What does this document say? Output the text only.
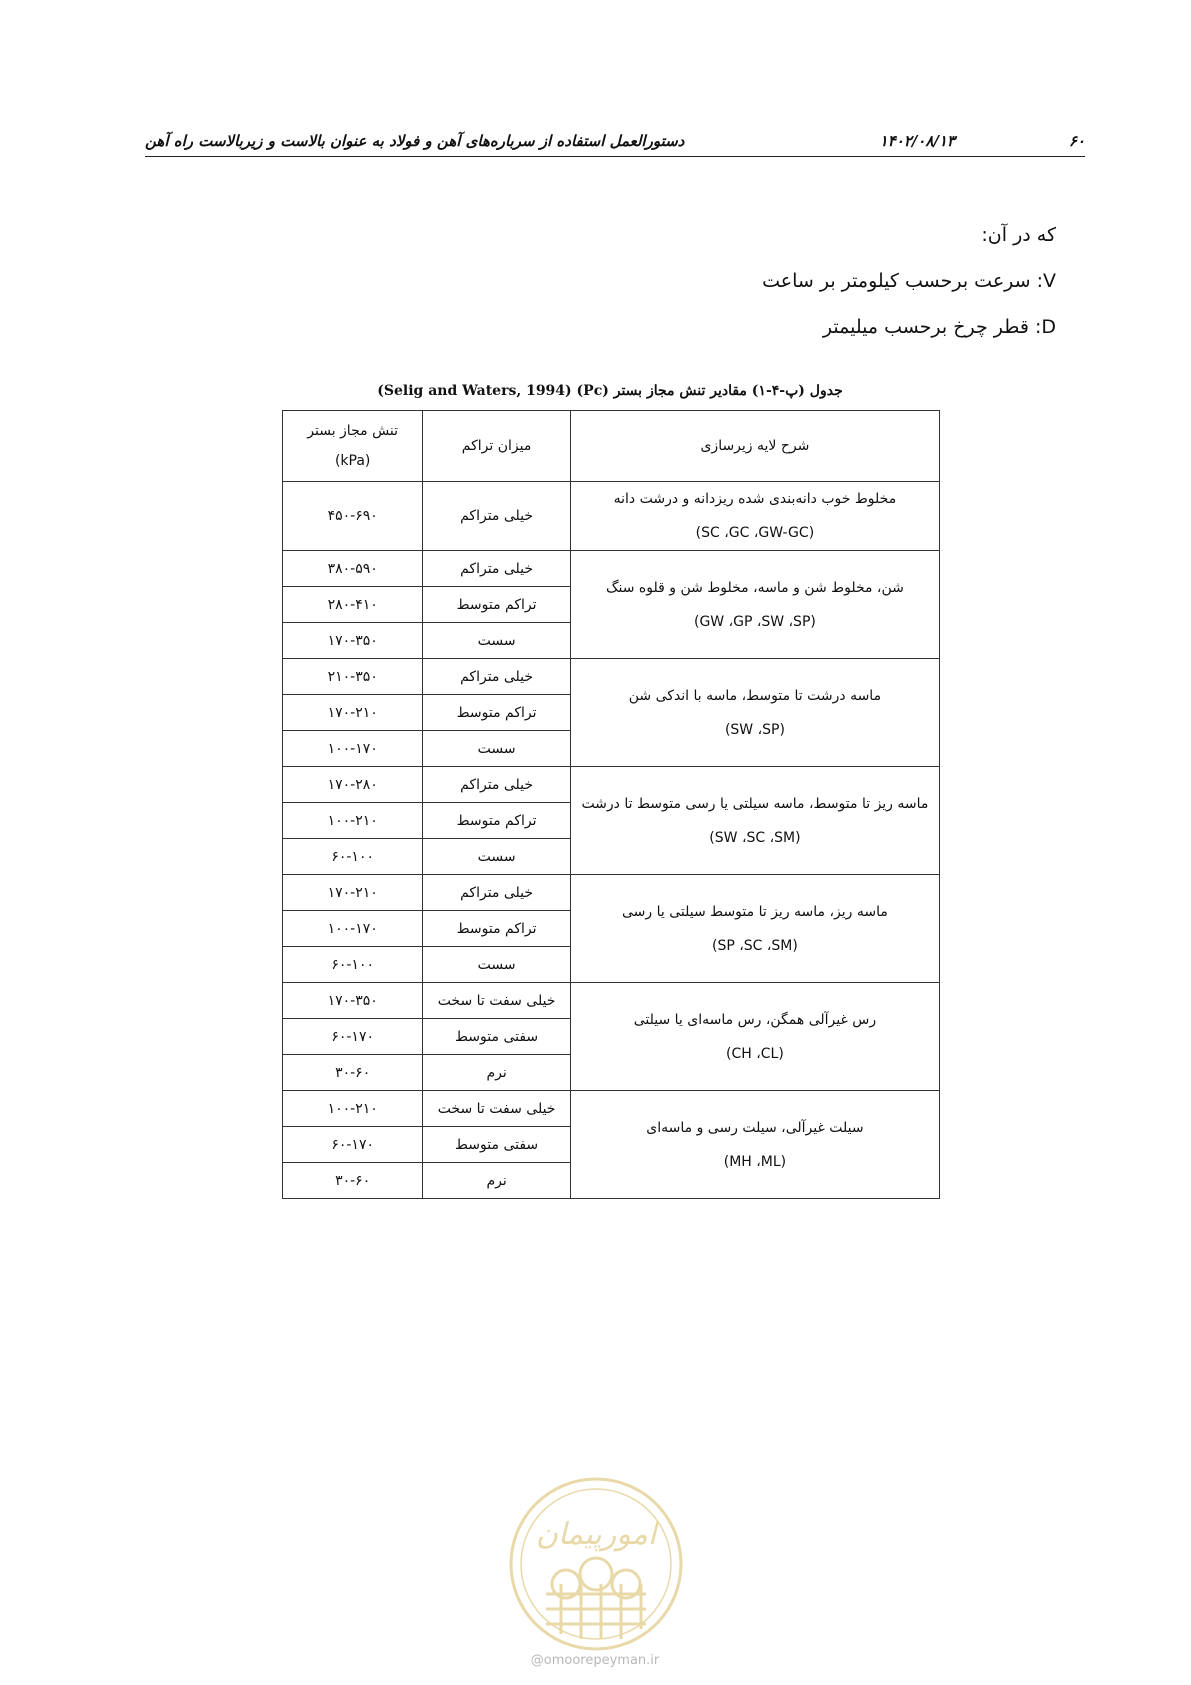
۶۰
۱۴۰۲/۰۸/۱۳
دستورالعمل استفاده از سرباره‌های آهن و فولاد به عنوان بالاست و زیربالاست راه آهن
که در آن:
V: سرعت برحسب کیلومتر بر ساعت
D: قطر چرخ برحسب میلیمتر
جدول (پ-۴-۱) مقادیر تنش مجاز بستر (Pc) (Selig and Waters, 1994)
شرح لایه زیرسازی	میزان تراکم	تنش مجاز بستر
(kPa)

مخلوط خوب دانه‌بندی شده ریزدانه و درشت دانه
(SC ،GC ،GW-GC)	خیلی متراکم	۴۵۰-۶۹۰

شن، مخلوط شن و ماسه، مخلوط شن و قلوه سنگ
(GW ،GP ،SW ،SP)	خیلی متراکم	۳۸۰-۵۹۰
	تراکم متوسط	۲۸۰-۴۱۰
	سست	۱۷۰-۳۵۰

ماسه درشت تا متوسط، ماسه با اندکی شن
(SW ،SP)	خیلی متراکم	۲۱۰-۳۵۰
	تراکم متوسط	۱۷۰-۲۱۰
	سست	۱۰۰-۱۷۰

ماسه ریز تا متوسط، ماسه سیلتی یا رسی متوسط تا درشت
(SW ،SC ،SM)	خیلی متراکم	۱۷۰-۲۸۰
	تراکم متوسط	۱۰۰-۲۱۰
	سست	۶۰-۱۰۰

ماسه ریز، ماسه ریز تا متوسط سیلتی یا رسی
(SP ،SC ،SM)	خیلی متراکم	۱۷۰-۲۱۰
	تراکم متوسط	۱۰۰-۱۷۰
	سست	۶۰-۱۰۰

رس غیرآلی همگن، رس ماسه‌ای یا سیلتی
(CH ،CL)	خیلی سفت تا سخت	۱۷۰-۳۵۰
	سفتی متوسط	۶۰-۱۷۰
	نرم	۳۰-۶۰

سیلت غیرآلی، سیلت رسی و ماسه‌ای
(MH ،ML)	خیلی سفت تا سخت	۱۰۰-۲۱۰
	سفتی متوسط	۶۰-۱۷۰
	نرم	۳۰-۶۰
امورپیمان
@omoorepeyman.ir
